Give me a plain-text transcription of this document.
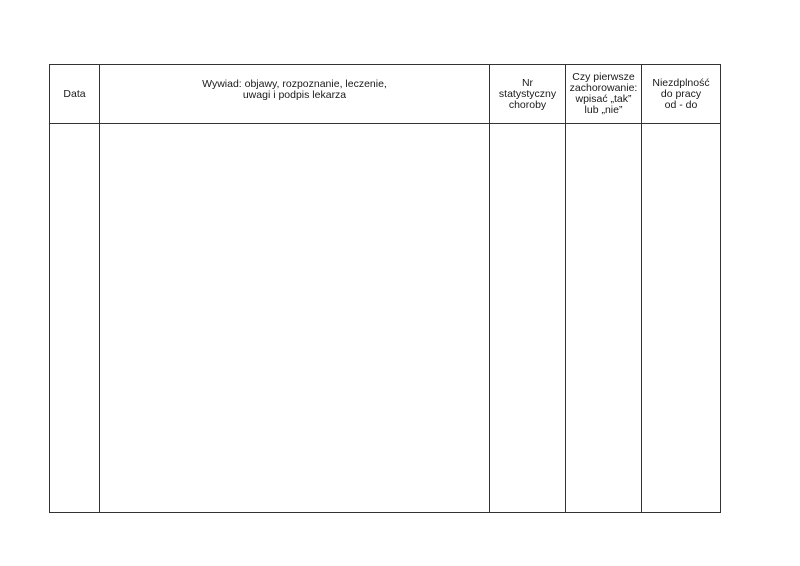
Data	Wywiad: objawy, rozpoznanie, leczenie,
uwagi i podpis lekarza	Nr
statystyczny
choroby	Czy pierwsze
zachorowanie:
wpisać „tak”
lub „nie”	Niezdplność
do pracy
od - do
